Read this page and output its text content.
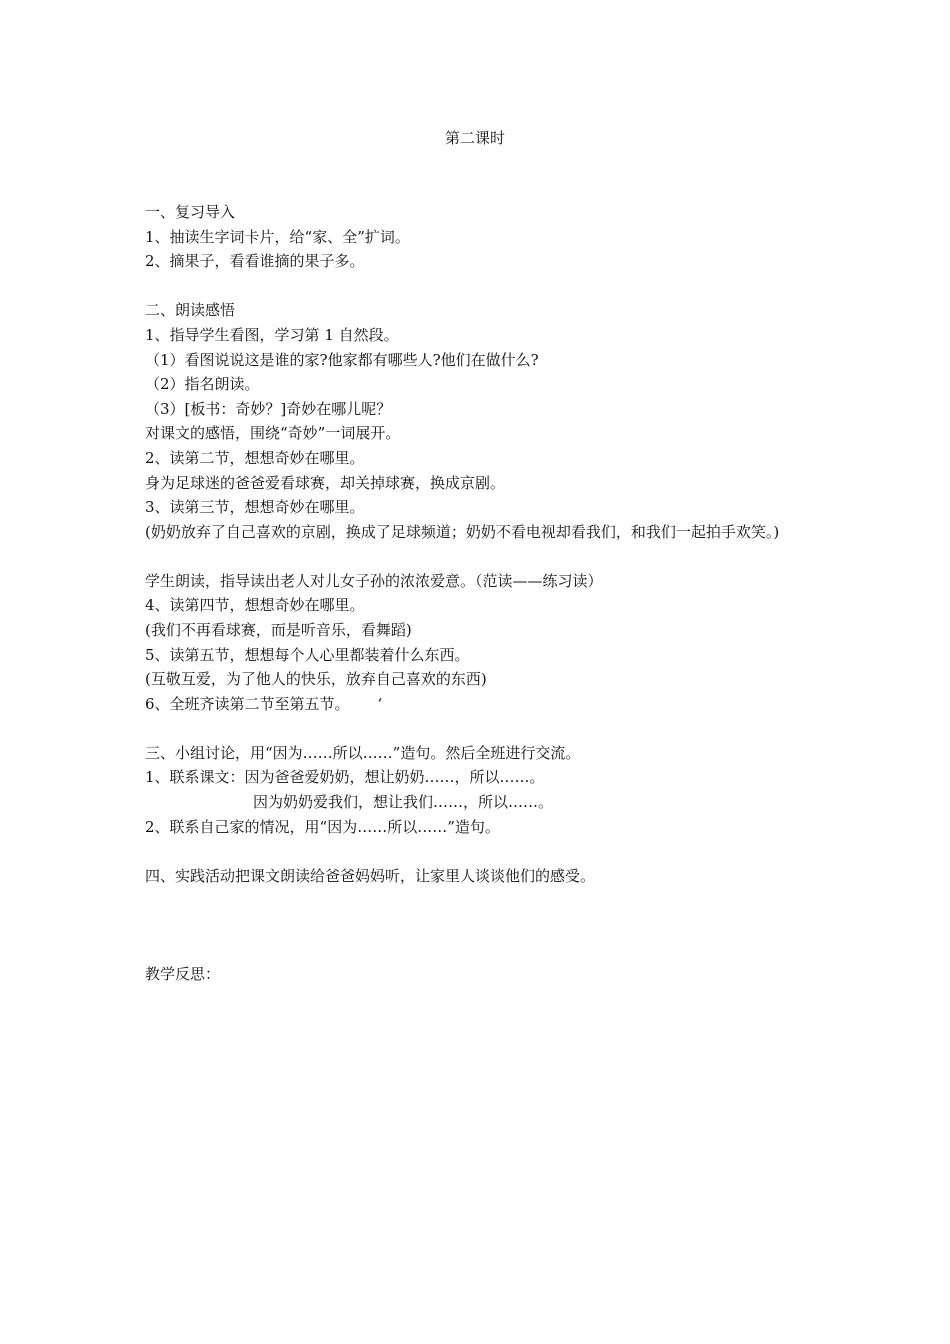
第二课时
一、复习导入
1、抽读生字词卡片，给“家、全”扩词。
2、摘果子，看看谁摘的果子多。
二、朗读感悟
1、指导学生看图，学习第 1 自然段。
（1）看图说说这是谁的家?他家都有哪些人?他们在做什么?
（2）指名朗读。
（3）[板书：奇妙？]奇妙在哪儿呢？
对课文的感悟，围绕“奇妙”一词展开。
2、读第二节，想想奇妙在哪里。
身为足球迷的爸爸爱看球赛，却关掉球赛，换成京剧。
3、读第三节，想想奇妙在哪里。
(奶奶放弃了自己喜欢的京剧，换成了足球频道；奶奶不看电视却看我们，和我们一起拍手欢笑。)
学生朗读，指导读出老人对儿女子孙的浓浓爱意。（范读——练习读）
4、读第四节，想想奇妙在哪里。
(我们不再看球赛，而是听音乐，看舞蹈)
5、读第五节，想想每个人心里都装着什么东西。
(互敬互爱，为了他人的快乐，放弃自己喜欢的东西)
6、全班齐读第二节至第五节。 ‘
三、小组讨论，用“因为……所以……”造句。然后全班进行交流。
1、联系课文：因为爸爸爱奶奶，想让奶奶……，所以……。
因为奶奶爱我们，想让我们……，所以……。
2、联系自己家的情况，用“因为……所以……”造句。
四、实践活动把课文朗读给爸爸妈妈听，让家里人谈谈他们的感受。
教学反思：
